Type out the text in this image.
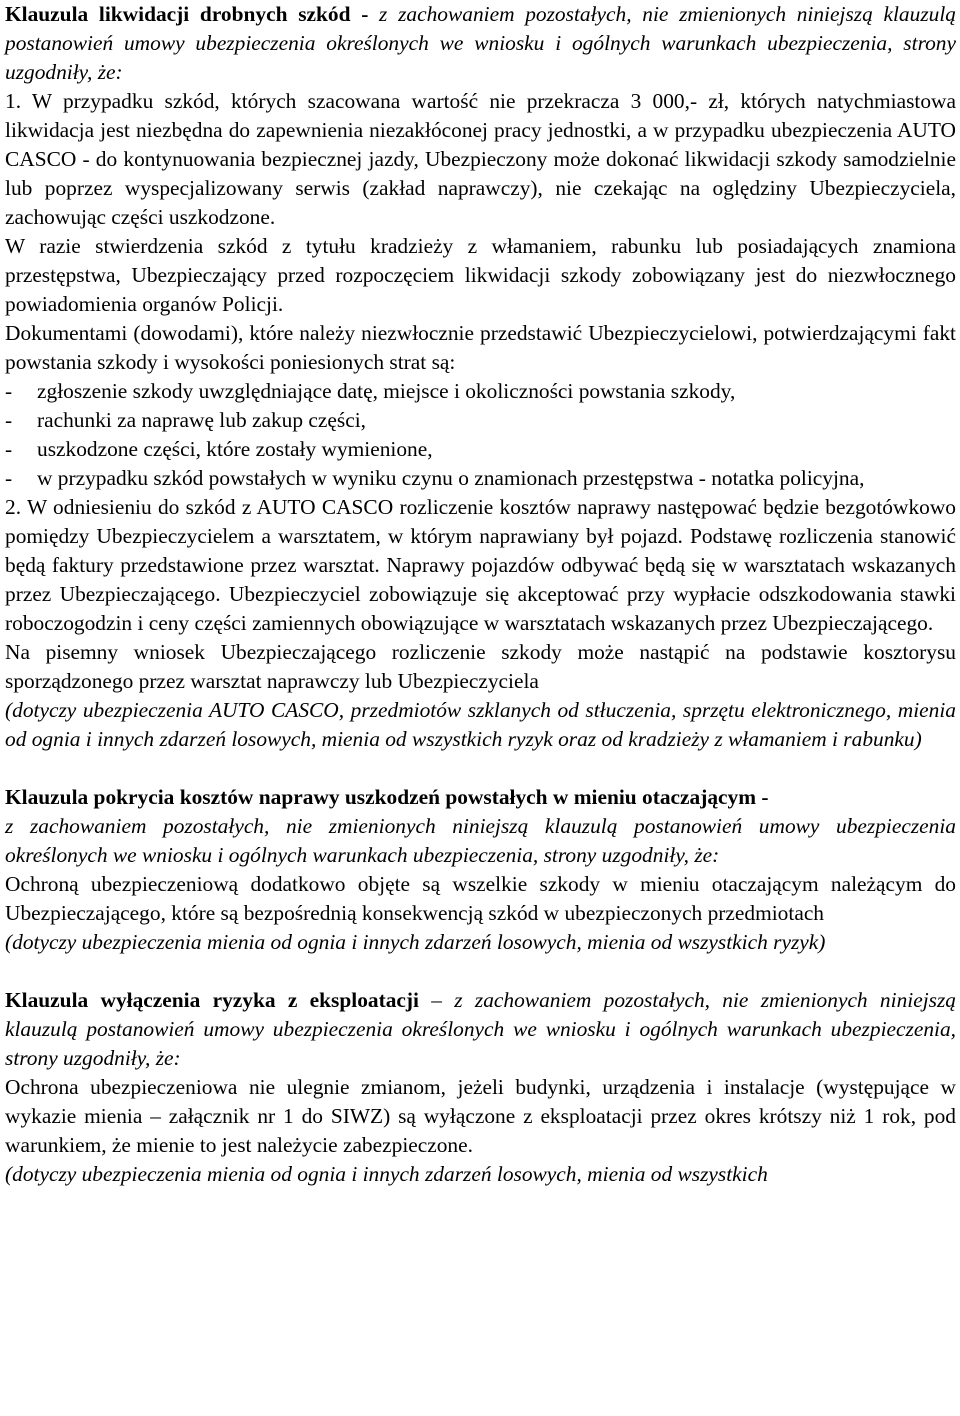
Klauzula likwidacji drobnych szkód - z zachowaniem pozostałych, nie zmienionych niniejszą klauzulą postanowień umowy ubezpieczenia określonych we wniosku i ogólnych warunkach ubezpieczenia, strony uzgodniły, że:

1. W przypadku szkód, których szacowana wartość nie przekracza 3 000,- zł, których natychmiastowa likwidacja jest niezbędna do zapewnienia niezakłóconej pracy jednostki, a w przypadku ubezpieczenia AUTO CASCO - do kontynuowania bezpiecznej jazdy, Ubezpieczony może dokonać likwidacji szkody samodzielnie lub poprzez wyspecjalizowany serwis (zakład naprawczy), nie czekając na oględziny Ubezpieczyciela, zachowując części uszkodzone.

W razie stwierdzenia szkód z tytułu kradzieży z włamaniem, rabunku lub posiadających znamiona przestępstwa, Ubezpieczający przed rozpoczęciem likwidacji szkody zobowiązany jest do niezwłocznego powiadomienia organów Policji.

Dokumentami (dowodami), które należy niezwłocznie przedstawić Ubezpieczycielowi, potwierdzającymi fakt powstania szkody i wysokości poniesionych strat są:

-	zgłoszenie szkody uwzględniające datę, miejsce i okoliczności powstania szkody,
-	rachunki za naprawę lub zakup części,
-	uszkodzone części, które zostały wymienione,

- w przypadku szkód powstałych w wyniku czynu o znamionach przestępstwa - notatka policyjna,

2. W odniesieniu do szkód z AUTO CASCO rozliczenie kosztów naprawy następować będzie bezgotówkowo pomiędzy Ubezpieczycielem a warsztatem, w którym naprawiany był pojazd. Podstawę rozliczenia stanowić będą faktury przedstawione przez warsztat. Naprawy pojazdów odbywać będą się w warsztatach wskazanych przez Ubezpieczającego. Ubezpieczyciel zobowiązuje się akceptować przy wypłacie odszkodowania stawki roboczogodzin i ceny części zamiennych obowiązujące w warsztatach wskazanych przez Ubezpieczającego.

Na pisemny wniosek Ubezpieczającego rozliczenie szkody może nastąpić na podstawie kosztorysu sporządzonego przez warsztat naprawczy lub Ubezpieczyciela

(dotyczy ubezpieczenia AUTO CASCO, przedmiotów szklanych od stłuczenia, sprzętu elektronicznego, mienia od ognia i innych zdarzeń losowych, mienia od wszystkich ryzyk oraz od kradzieży z włamaniem i rabunku)

Klauzula pokrycia kosztów naprawy uszkodzeń powstałych w mieniu otaczającym -

z zachowaniem pozostałych, nie zmienionych niniejszą klauzulą postanowień umowy ubezpieczenia określonych we wniosku i ogólnych warunkach ubezpieczenia, strony uzgodniły, że:

Ochroną ubezpieczeniową dodatkowo objęte są wszelkie szkody w mieniu otaczającym należącym do Ubezpieczającego, które są bezpośrednią konsekwencją szkód w ubezpieczonych przedmiotach

(dotyczy ubezpieczenia mienia od ognia i innych zdarzeń losowych, mienia od wszystkich ryzyk)

Klauzula wyłączenia ryzyka z eksploatacji – z zachowaniem pozostałych, nie zmienionych niniejszą klauzulą postanowień umowy ubezpieczenia określonych we wniosku i ogólnych warunkach ubezpieczenia, strony uzgodniły, że:

Ochrona ubezpieczeniowa nie ulegnie zmianom, jeżeli budynki, urządzenia i instalacje (występujące w wykazie mienia – załącznik nr 1 do SIWZ) są wyłączone z eksploatacji przez okres krótszy niż 1 rok, pod warunkiem, że mienie to jest należycie zabezpieczone.

(dotyczy ubezpieczenia mienia od ognia i innych zdarzeń losowych, mienia od wszystkich
